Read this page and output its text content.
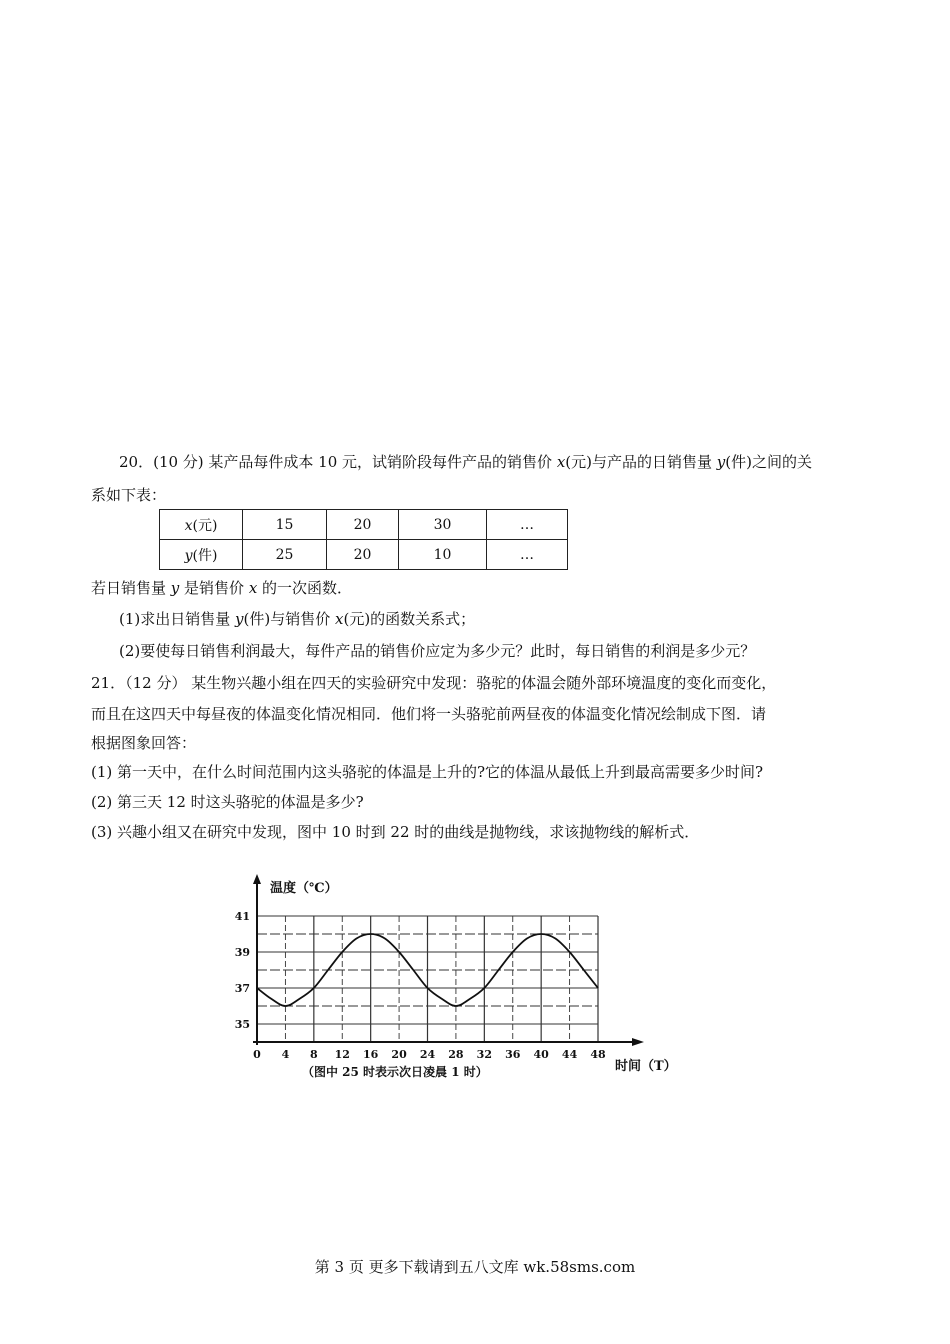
20．(10 分) 某产品每件成本 10 元，试销阶段每件产品的销售价 x(元)与产品的日销售量 y(件)之间的关
系如下表：
x(元)	15	20	30	…
y(件)	25	20	10	…
若日销售量 y 是销售价 x 的一次函数．
(1)求出日销售量 y(件)与销售价 x(元)的函数关系式；
(2)要使每日销售利润最大，每件产品的销售价应定为多少元？此时，每日销售的利润是多少元？
21．（12 分） 某生物兴趣小组在四天的实验研究中发现：骆驼的体温会随外部环境温度的变化而变化，
而且在这四天中每昼夜的体温变化情况相同．他们将一头骆驼前两昼夜的体温变化情况绘制成下图．请
根据图象回答：
(1) 第一天中，在什么时间范围内这头骆驼的体温是上升的?它的体温从最低上升到最高需要多少时间?
(2) 第三天 12 时这头骆驼的体温是多少?
(3) 兴趣小组又在研究中发现，图中 10 时到 22 时的曲线是抛物线，求该抛物线的解析式．
0 4 8 12 16 20 24 28 32 36 40 44 48
35
37
39
41
温度（℃）
时间（T）
（图中 25 时表示次日凌晨 1 时）
第 3 页 更多下载请到五八文库 wk.58sms.com
